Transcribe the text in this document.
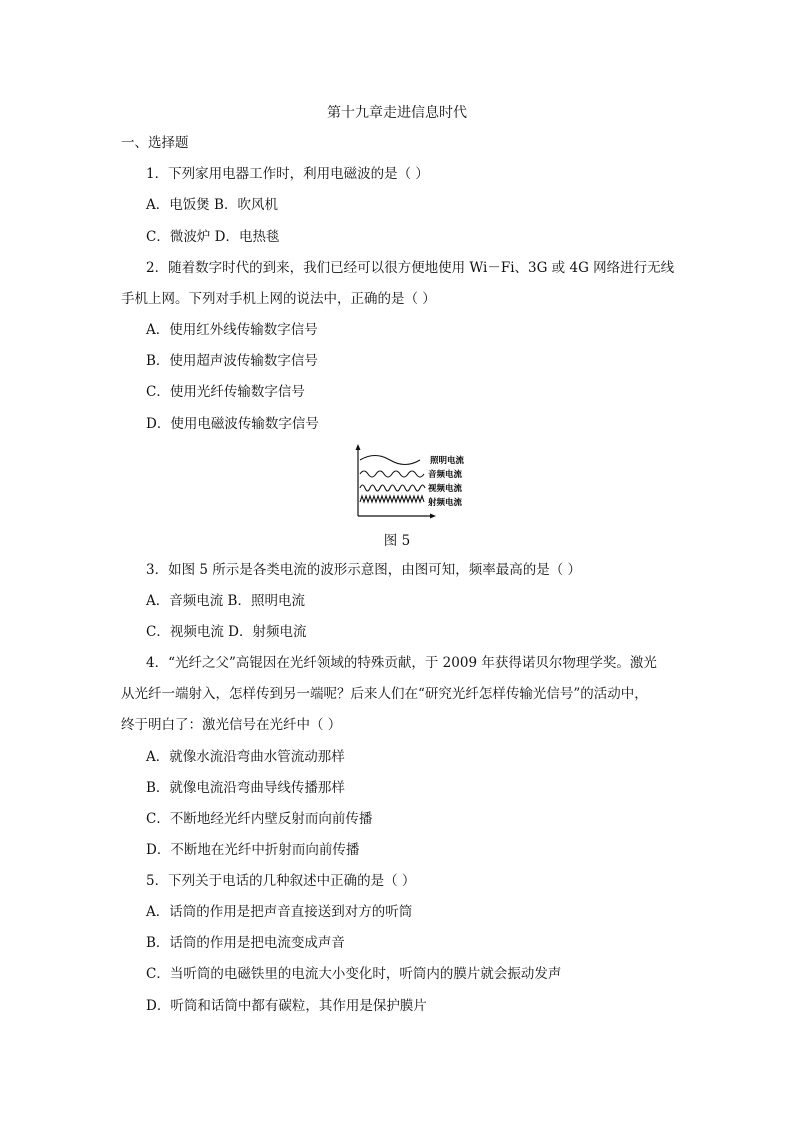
第十九章走进信息时代
一、选择题
1．下列家用电器工作时，利用电磁波的是（ ）
A．电饭煲 B．吹风机
C．微波炉 D．电热毯
2．随着数字时代的到来，我们已经可以很方便地使用 Wi－Fi、3G 或 4G 网络进行无线
手机上网。下列对手机上网的说法中，正确的是（ ）
A．使用红外线传输数字信号
B．使用超声波传输数字信号
C．使用光纤传输数字信号
D．使用电磁波传输数字信号
照明电流
音频电流
视频电流
射频电流
图 5
3．如图 5 所示是各类电流的波形示意图，由图可知，频率最高的是（ ）
A．音频电流 B．照明电流
C．视频电流 D．射频电流
4．“光纤之父”高锟因在光纤领域的特殊贡献，于 2009 年获得诺贝尔物理学奖。激光
从光纤一端射入，怎样传到另一端呢？后来人们在“研究光纤怎样传输光信号”的活动中，
终于明白了：激光信号在光纤中（ ）
A．就像水流沿弯曲水管流动那样
B．就像电流沿弯曲导线传播那样
C．不断地经光纤内壁反射而向前传播
D．不断地在光纤中折射而向前传播
5．下列关于电话的几种叙述中正确的是（ ）
A．话筒的作用是把声音直接送到对方的听筒
B．话筒的作用是把电流变成声音
C．当听筒的电磁铁里的电流大小变化时，听筒内的膜片就会振动发声
D．听筒和话筒中都有碳粒，其作用是保护膜片
